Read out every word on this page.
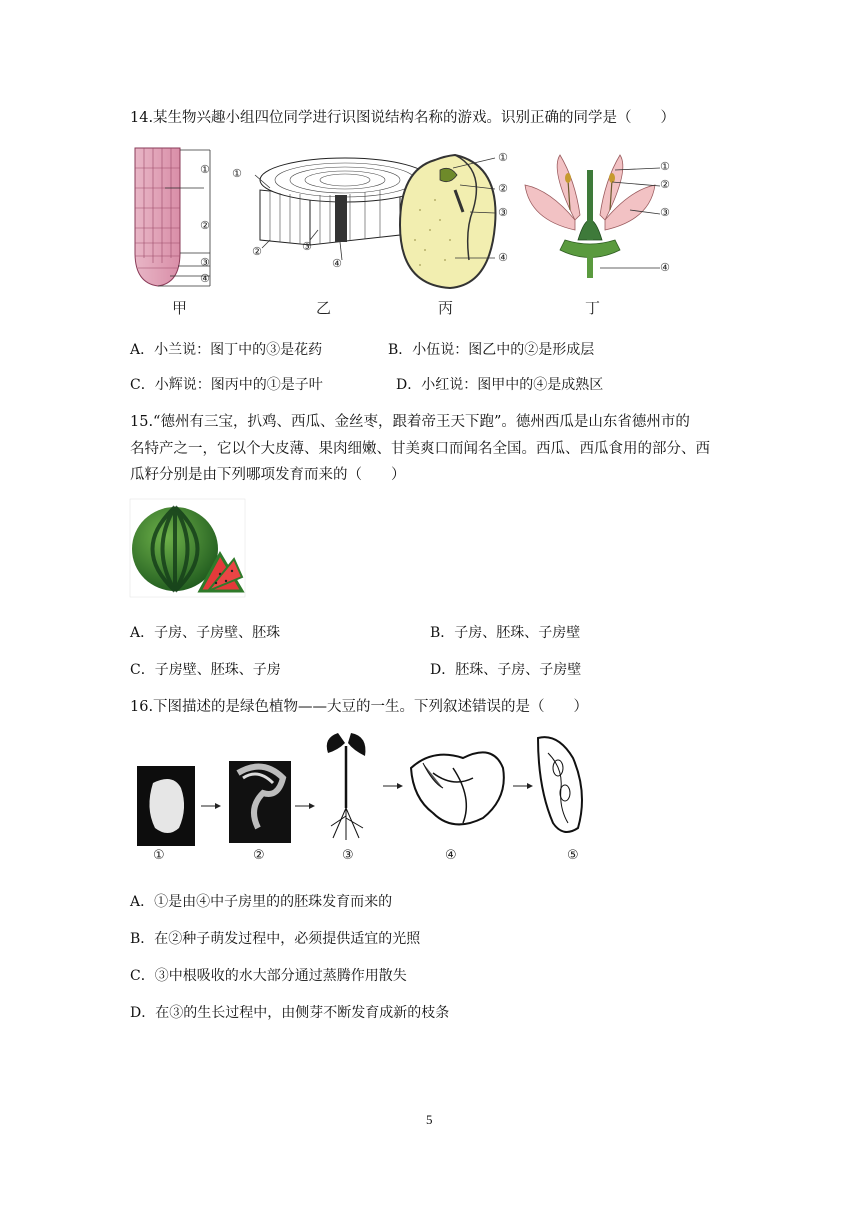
14.某生物兴趣小组四位同学进行识图说结构名称的游戏。识别正确的同学是（　　）
①
②
③
④
甲
①
②	③
④
乙
①
②
③
④
丙
①
②
③
④
丁
A．小兰说：图丁中的③是花药	B．小伍说：图乙中的②是形成层
C．小辉说：图丙中的①是子叶	D．小红说：图甲中的④是成熟区
15.“德州有三宝，扒鸡、西瓜、金丝枣，跟着帝王天下跑”。德州西瓜是山东省德州市的
名特产之一，它以个大皮薄、果肉细嫩、甘美爽口而闻名全国。西瓜、西瓜食用的部分、西
瓜籽分别是由下列哪项发育而来的（　　）
A．子房、子房壁、胚珠	B．子房、胚珠、子房壁
C．子房壁、胚珠、子房	D．胚珠、子房、子房壁
16.下图描述的是绿色植物——大豆的一生。下列叙述错误的是（　　）
①	②	③	④	⑤
A．①是由④中子房里的的胚珠发育而来的
B．在②种子萌发过程中，必须提供适宜的光照
C．③中根吸收的水大部分通过蒸腾作用散失
D．在③的生长过程中，由侧芽不断发育成新的枝条
5
